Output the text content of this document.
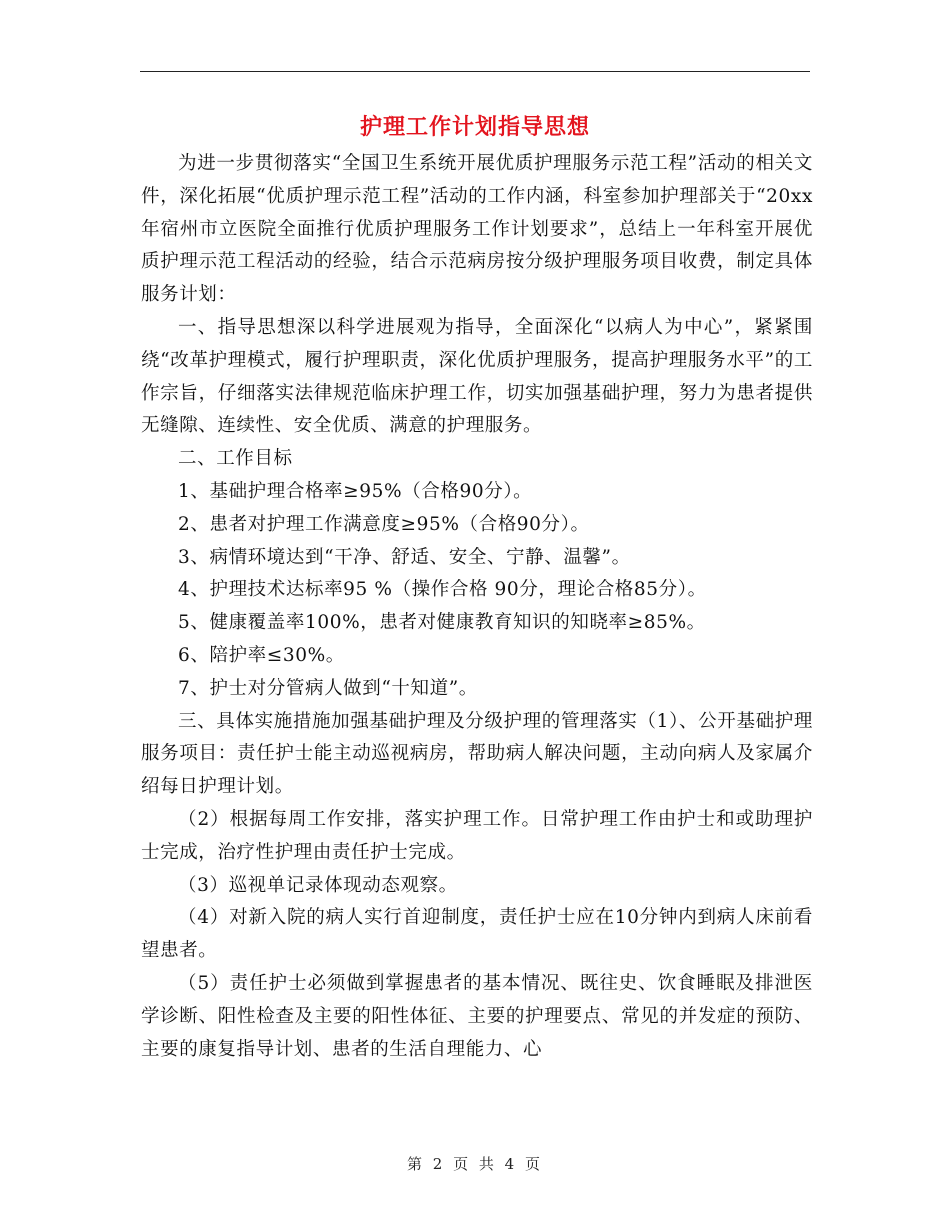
护理工作计划指导思想

为进一步贯彻落实“全国卫生系统开展优质护理服务示范工程”活动的相关文件，深化拓展“优质护理示范工程”活动的工作内涵，科室参加护理部关于“20xx年宿州市立医院全面推行优质护理服务工作计划要求”，总结上一年科室开展优质护理示范工程活动的经验，结合示范病房按分级护理服务项目收费，制定具体服务计划：

一、指导思想深以科学进展观为指导，全面深化“以病人为中心”，紧紧围绕“改革护理模式，履行护理职责，深化优质护理服务，提高护理服务水平”的工作宗旨，仔细落实法律规范临床护理工作，切实加强基础护理，努力为患者提供无缝隙、连续性、安全优质、满意的护理服务。

二、工作目标

1、基础护理合格率≥95%（合格90分）。

2、患者对护理工作满意度≥95%（合格90分）。

3、病情环境达到“干净、舒适、安全、宁静、温馨”。

4、护理技术达标率95 %（操作合格 90分，理论合格85分）。

5、健康覆盖率100%，患者对健康教育知识的知晓率≥85%。

6、陪护率≤30%。

7、护士对分管病人做到“十知道”。

三、具体实施措施加强基础护理及分级护理的管理落实（1）、公开基础护理服务项目：责任护士能主动巡视病房，帮助病人解决问题，主动向病人及家属介绍每日护理计划。

（2）根据每周工作安排，落实护理工作。日常护理工作由护士和或助理护士完成，治疗性护理由责任护士完成。

（3）巡视单记录体现动态观察。

（4）对新入院的病人实行首迎制度，责任护士应在10分钟内到病人床前看望患者。

（5）责任护士必须做到掌握患者的基本情况、既往史、饮食睡眠及排泄医学诊断、阳性检查及主要的阳性体征、主要的护理要点、常见的并发症的预防、主要的康复指导计划、患者的生活自理能力、心

第 2 页 共 4 页
